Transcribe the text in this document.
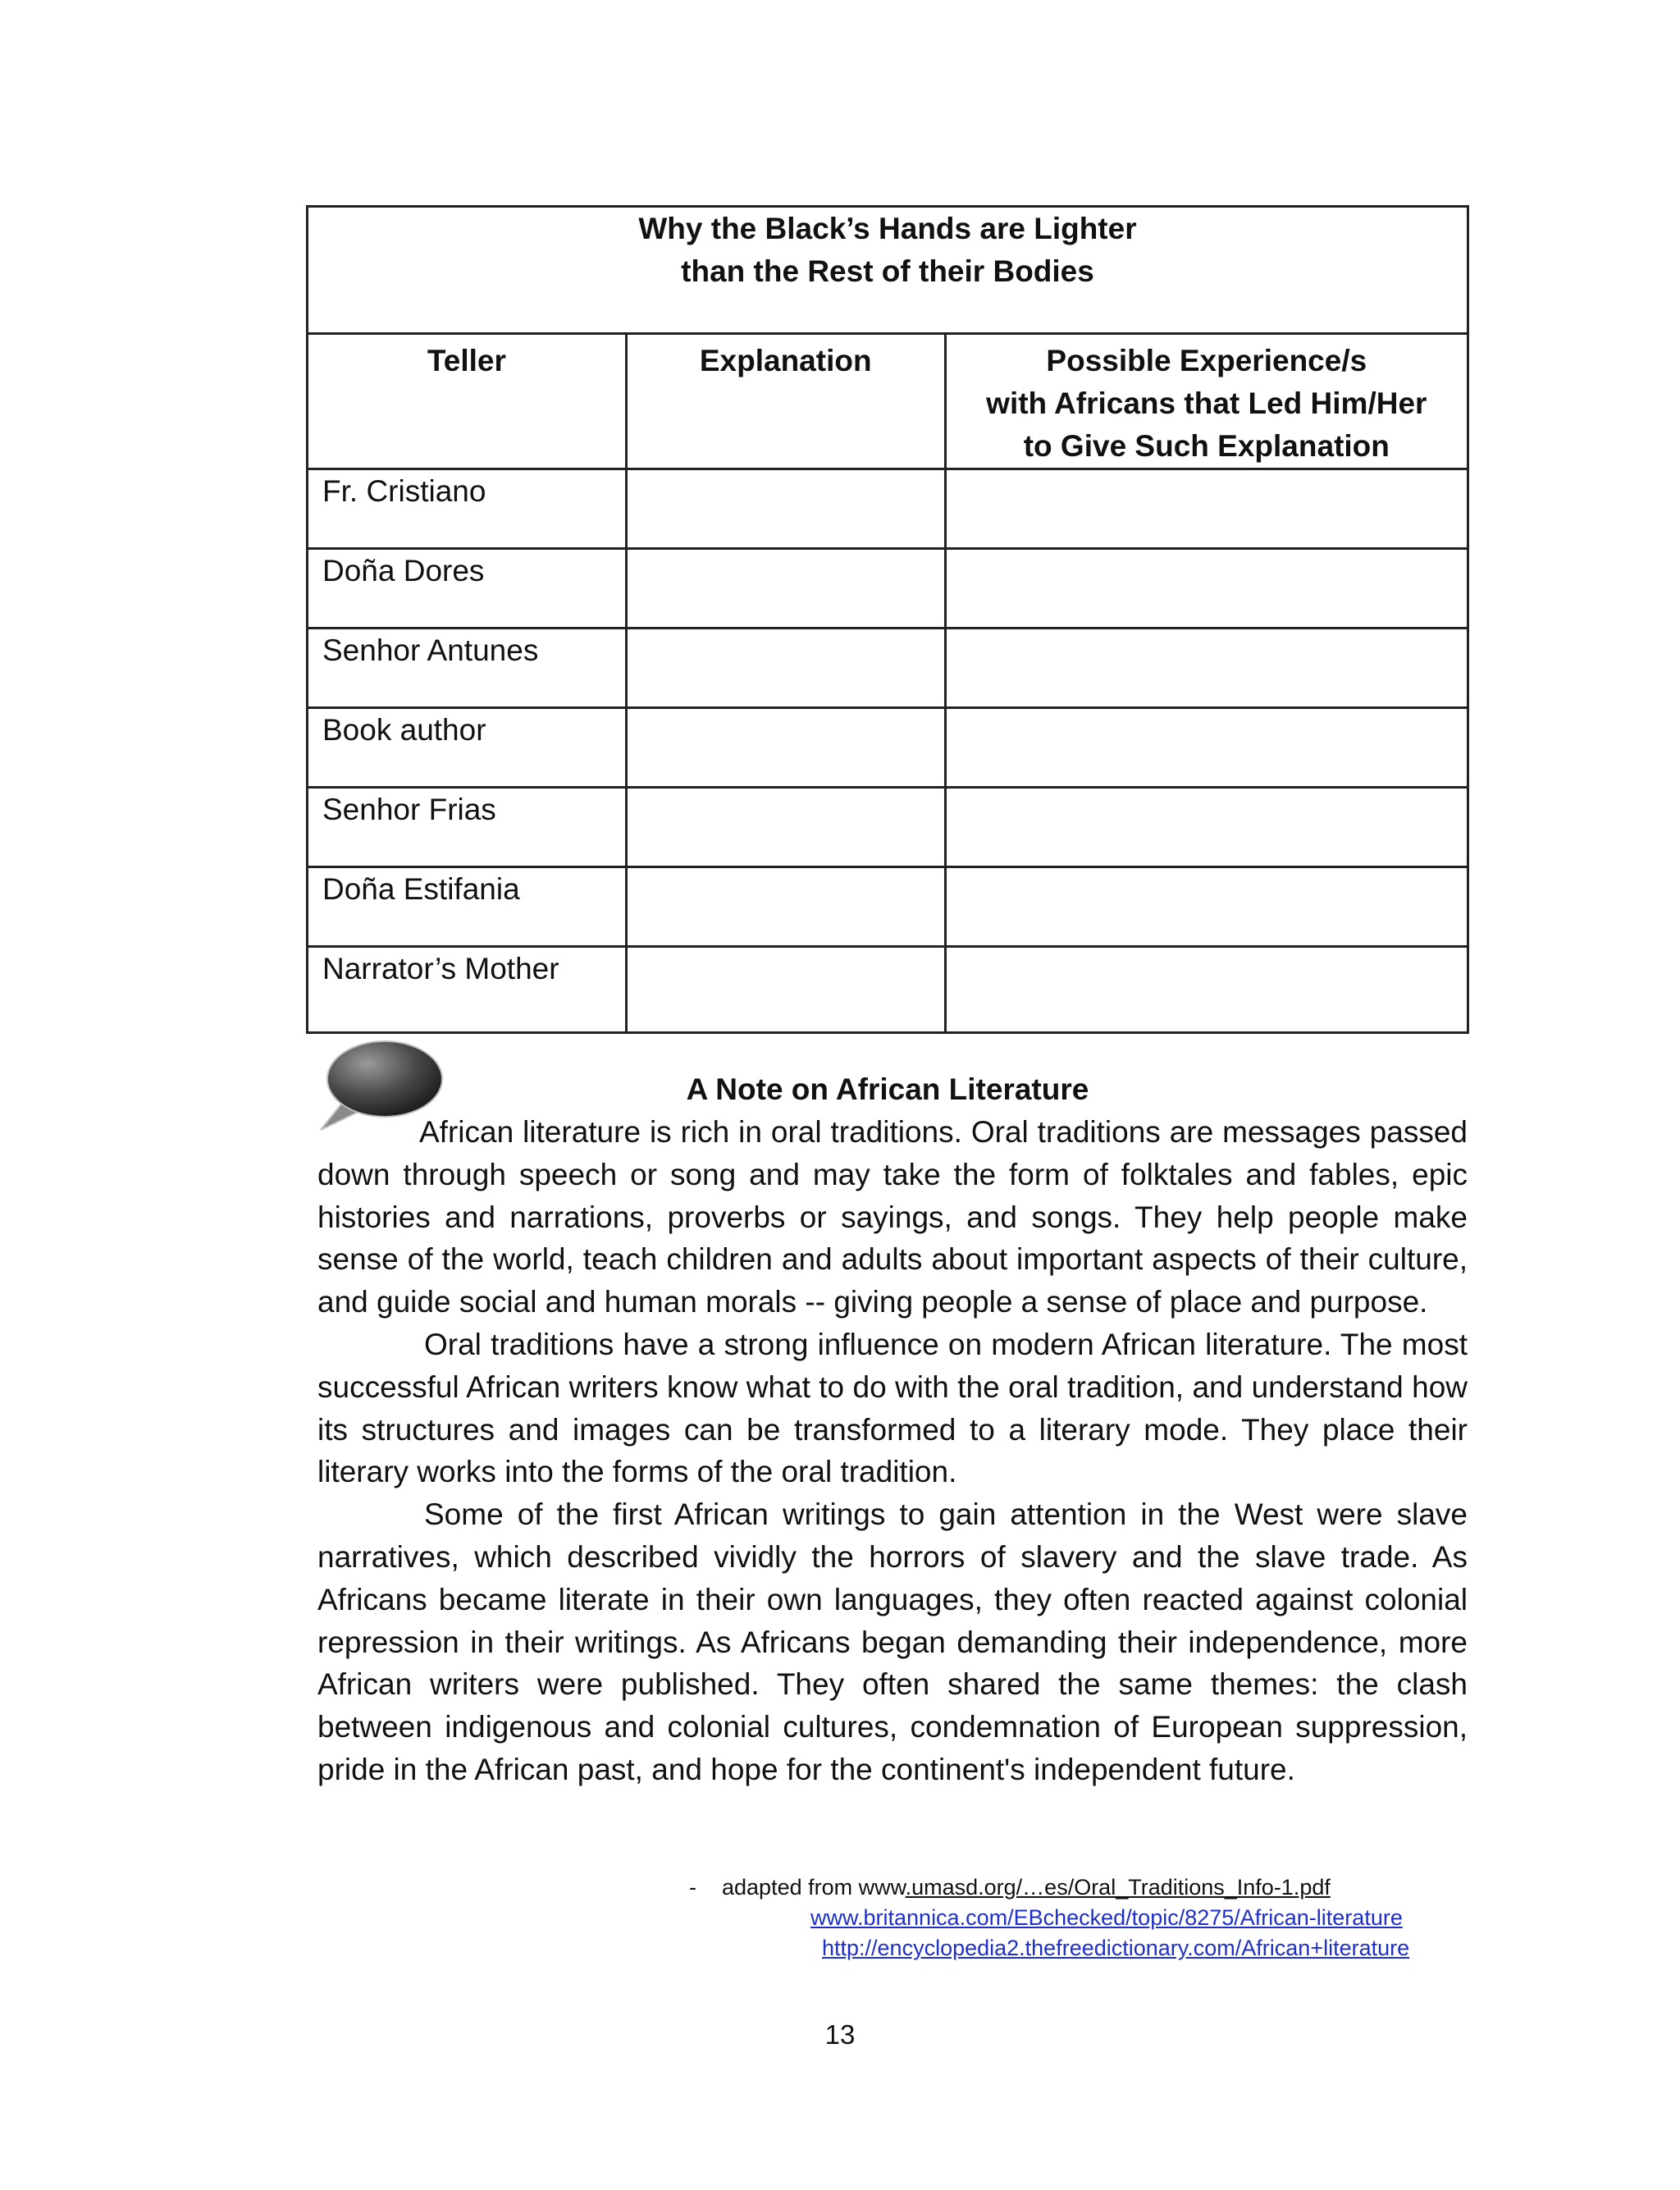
Why the Black’s Hands are Lighter
than the Rest of their Bodies		

Teller	Explanation	Possible Experience/s
with Africans that Led Him/Her
to Give Such Explanation

Fr. Cristiano		

Doña Dores		

Senhor Antunes		

Book author		

Senhor Frias		

Doña Estifania		

Narrator’s Mother		

A Note on African Literature

African literature is rich in oral traditions. Oral traditions are messages passed down through speech or song and may take the form of folktales and fables, epic histories and narrations, proverbs or sayings, and songs. They help people make sense of the world, teach children and adults about important aspects of their culture, and guide social and human morals -- giving people a sense of place and purpose.

Oral traditions have a strong influence on modern African literature. The most successful African writers know what to do with the oral tradition, and understand how its structures and images can be transformed to a literary mode. They place their literary works into the forms of the oral tradition.

Some of the first African writings to gain attention in the West were slave narratives, which described vividly the horrors of slavery and the slave trade. As Africans became literate in their own languages, they often reacted against colonial repression in their writings. As Africans began demanding their independence, more African writers were published. They often shared the same themes: the clash between indigenous and colonial cultures, condemnation of European suppression, pride in the African past, and hope for the continent's independent future.

- adapted from www.umasd.org/…es/Oral_Traditions_Info-1.pdf
www.britannica.com/EBchecked/topic/8275/African-literature
http://encyclopedia2.thefreedictionary.com/African+literature
13
